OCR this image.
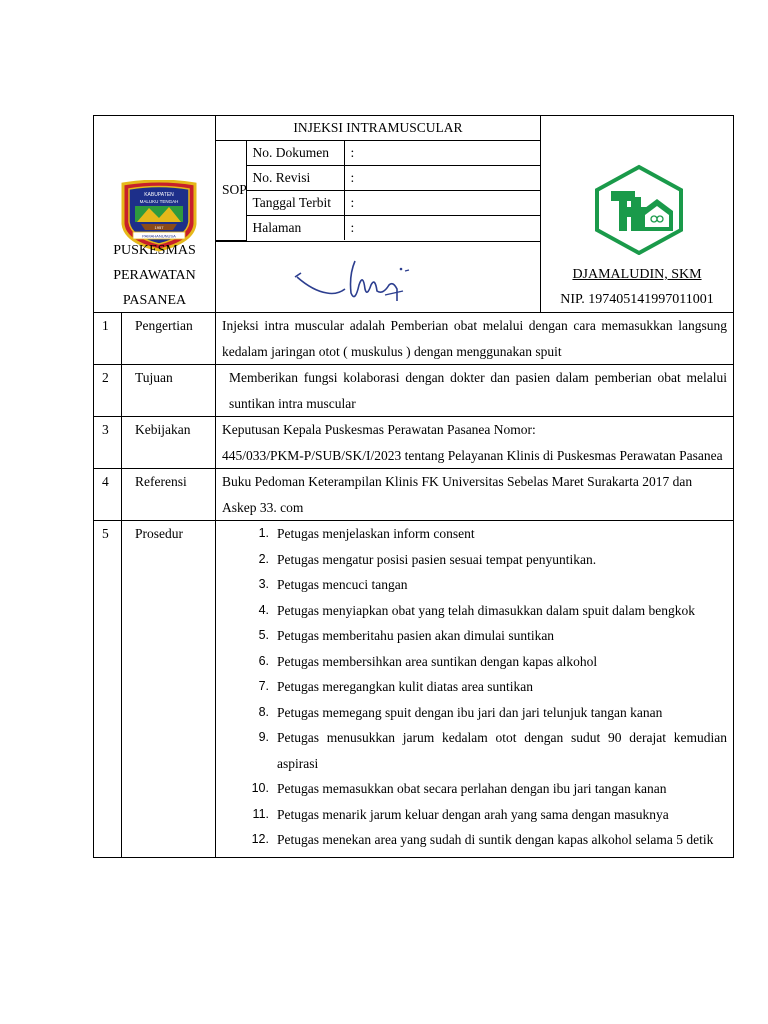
KABUPATEN
MALUKU TENGAH
1957
PAMAHANUNUSA
PUSKESMAS
PERAWATAN
PASANEA

INJEKSI INTRAMUSCULAR
SOP	No. Dokumen	:
No. Revisi	:
Tanggal Terbit	:
Halaman	:

DJAMALUDIN, SKM
NIP. 197405141997011001

1	Pengertian	Injeksi intra muscular adalah Pemberian obat melalui dengan cara memasukkan langsung kedalam jaringan otot ( muskulus ) dengan menggunakan spuit

2	Tujuan	Memberikan fungsi kolaborasi dengan dokter dan pasien dalam pemberian obat melalui suntikan intra muscular

3	Kebijakan	Keputusan Kepala Puskesmas Perawatan Pasanea Nomor:
445/033/PKM-P/SUB/SK/I/2023 tentang Pelayanan Klinis di Puskesmas Perawatan Pasanea

4	Referensi	Buku Pedoman Keterampilan Klinis FK Universitas Sebelas Maret Surakarta 2017 dan Askep 33. com

5	Prosedur	1. Petugas menjelaskan inform consent
2. Petugas mengatur posisi pasien sesuai tempat penyuntikan.
3. Petugas mencuci tangan
4. Petugas menyiapkan obat yang telah dimasukkan dalam spuit dalam bengkok
5. Petugas memberitahu pasien akan dimulai suntikan
6. Petugas membersihkan area suntikan dengan kapas alkohol
7. Petugas meregangkan kulit diatas area suntikan
8. Petugas memegang spuit dengan ibu jari dan jari telunjuk tangan kanan
9. Petugas menusukkan jarum kedalam otot dengan sudut 90 derajat kemudian aspirasi
10. Petugas memasukkan obat secara perlahan dengan ibu jari tangan kanan
11. Petugas menarik jarum keluar dengan arah yang sama dengan masuknya
12. Petugas menekan area yang sudah di suntik dengan kapas alkohol selama 5 detik
